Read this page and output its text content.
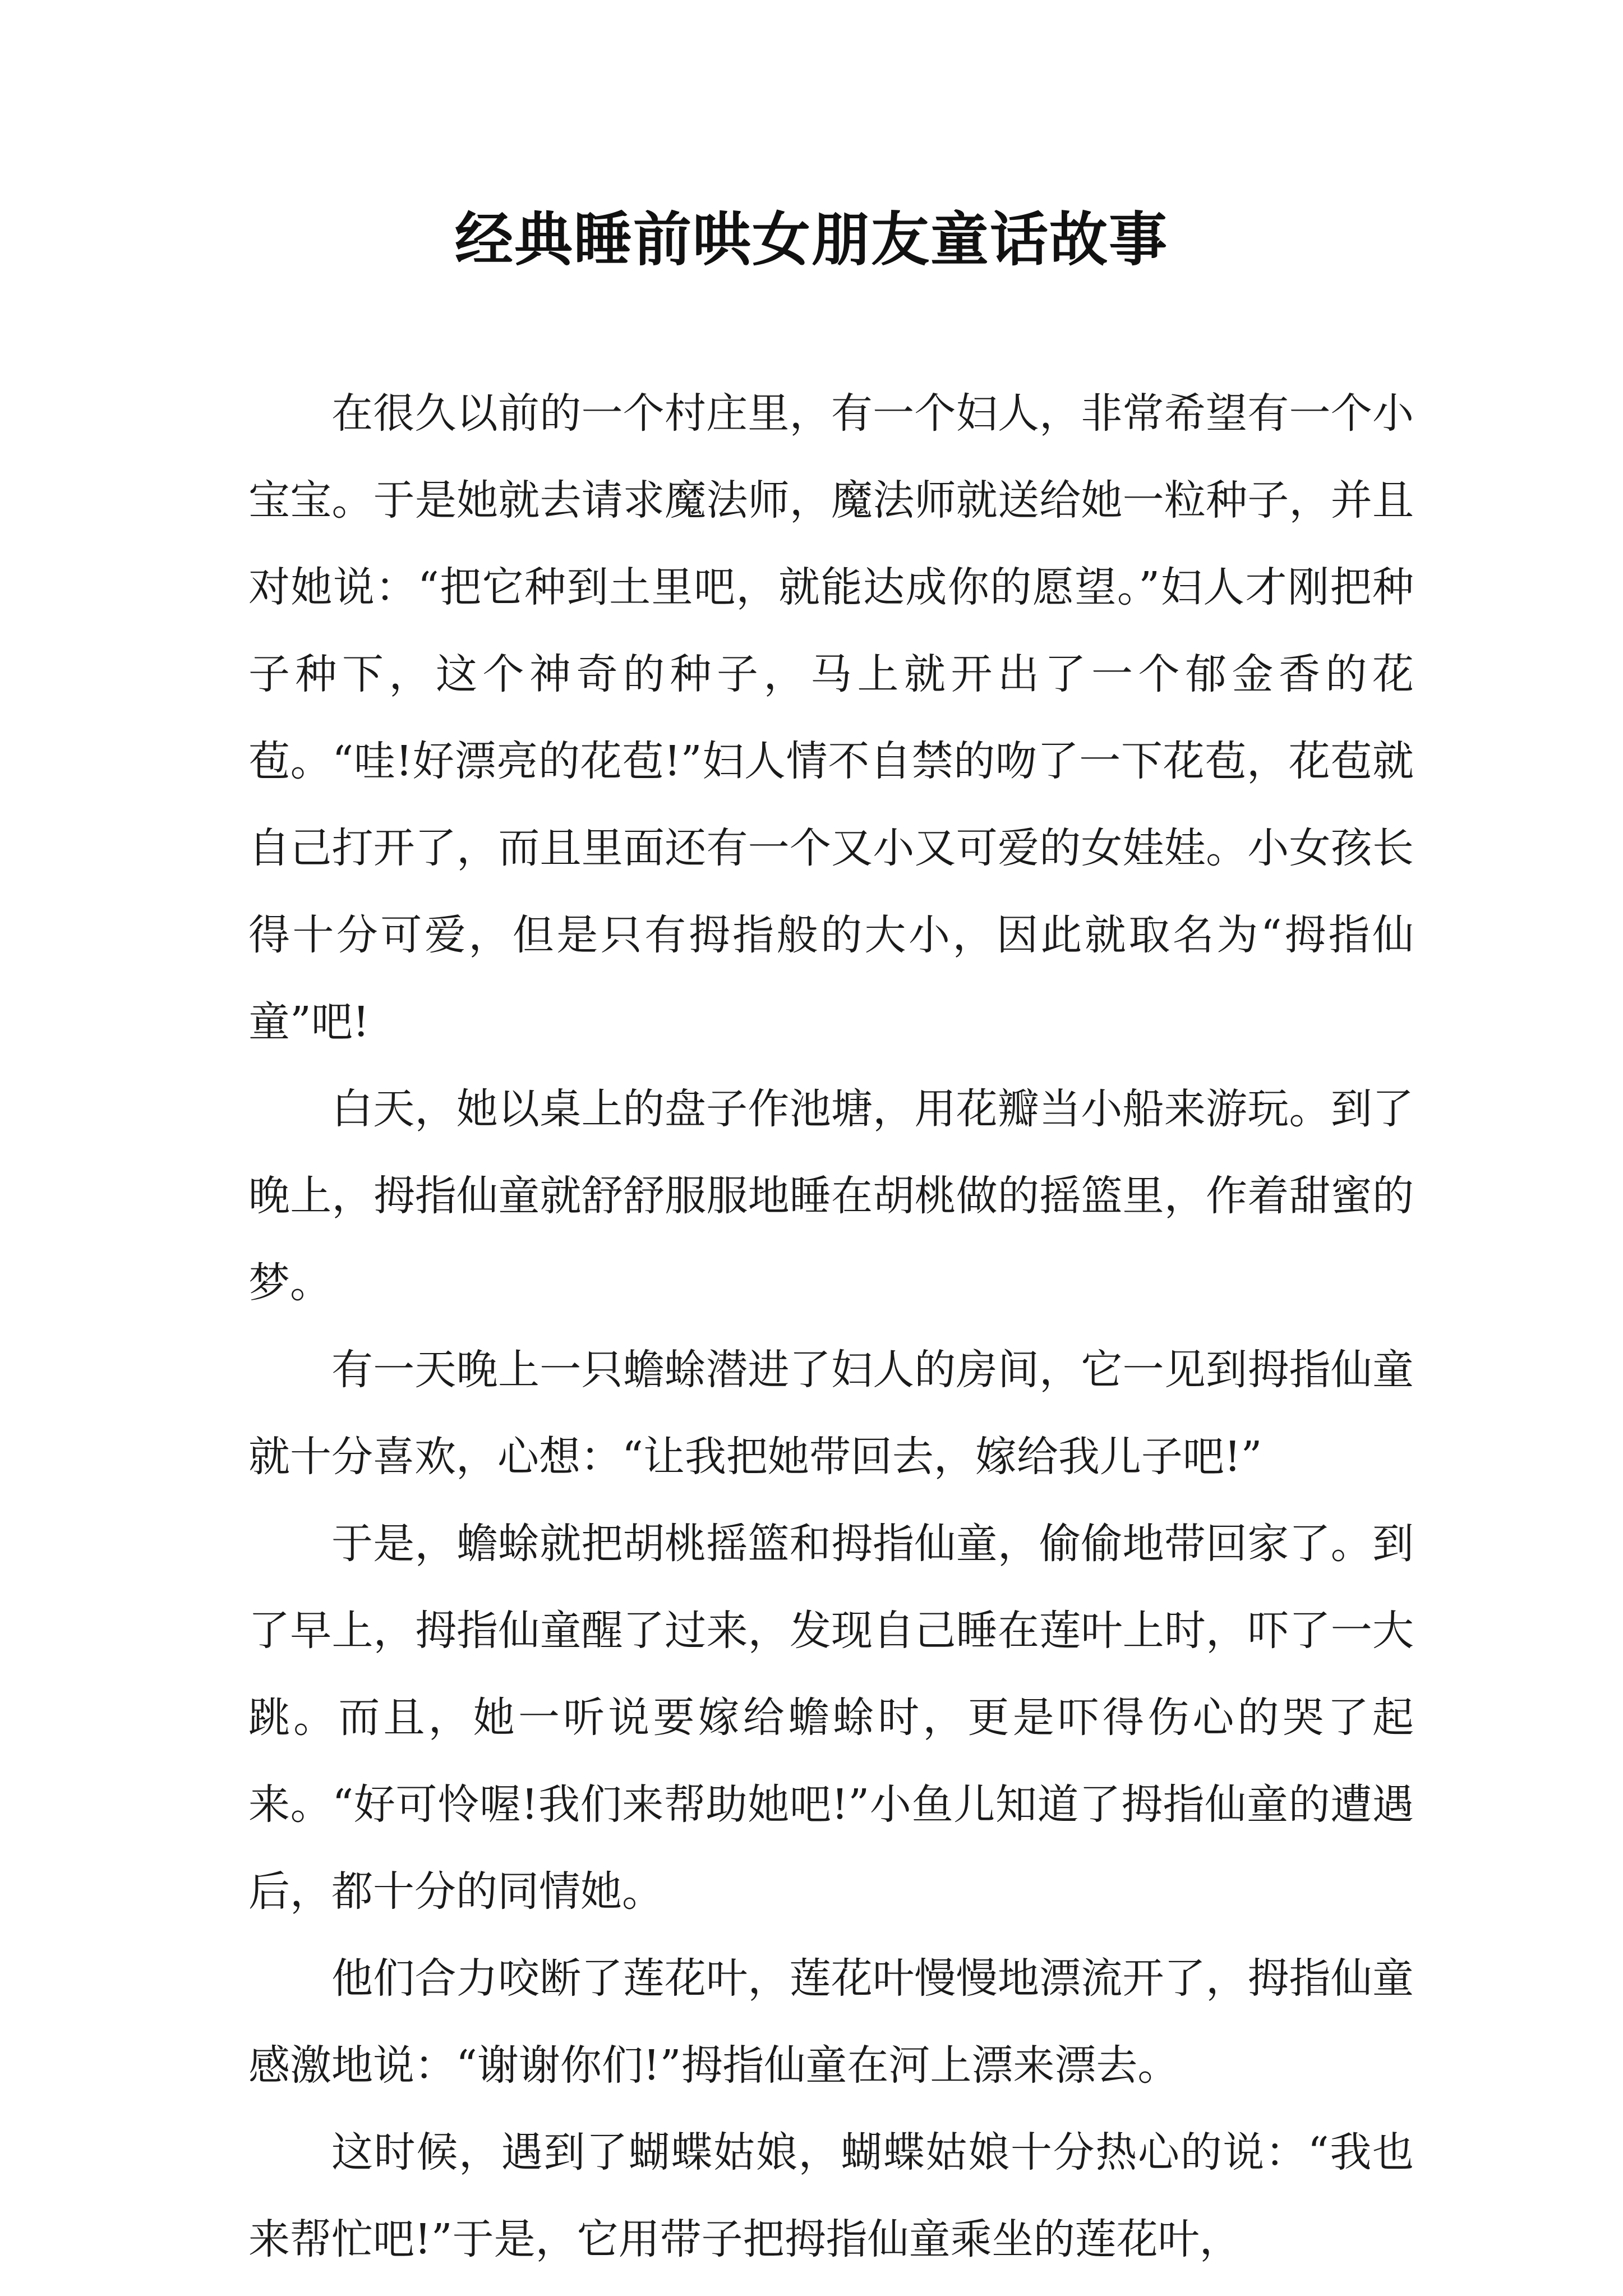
经典睡前哄女朋友童话故事

在很久以前的一个村庄里，有一个妇人，非常希望有一个小宝宝。于是她就去请求魔法师，魔法师就送给她一粒种子，并且对她说：“把它种到土里吧，就能达成你的愿望。”妇人才刚把种子种下，这个神奇的种子，马上就开出了一个郁金香的花苞。“哇!好漂亮的花苞!”妇人情不自禁的吻了一下花苞，花苞就自己打开了，而且里面还有一个又小又可爱的女娃娃。小女孩长得十分可爱，但是只有拇指般的大小，因此就取名为“拇指仙童”吧!

白天，她以桌上的盘子作池塘，用花瓣当小船来游玩。到了晚上，拇指仙童就舒舒服服地睡在胡桃做的摇篮里，作着甜蜜的梦。

有一天晚上一只蟾蜍潜进了妇人的房间，它一见到拇指仙童就十分喜欢，心想：“让我把她带回去，嫁给我儿子吧!”

于是，蟾蜍就把胡桃摇篮和拇指仙童，偷偷地带回家了。到了早上，拇指仙童醒了过来，发现自己睡在莲叶上时，吓了一大跳。而且，她一听说要嫁给蟾蜍时，更是吓得伤心的哭了起来。“好可怜喔!我们来帮助她吧!”小鱼儿知道了拇指仙童的遭遇后，都十分的同情她。

他们合力咬断了莲花叶，莲花叶慢慢地漂流开了，拇指仙童感激地说：“谢谢你们!”拇指仙童在河上漂来漂去。

这时候，遇到了蝴蝶姑娘，蝴蝶姑娘十分热心的说：“我也来帮忙吧!”于是，它用带子把拇指仙童乘坐的莲花叶，
